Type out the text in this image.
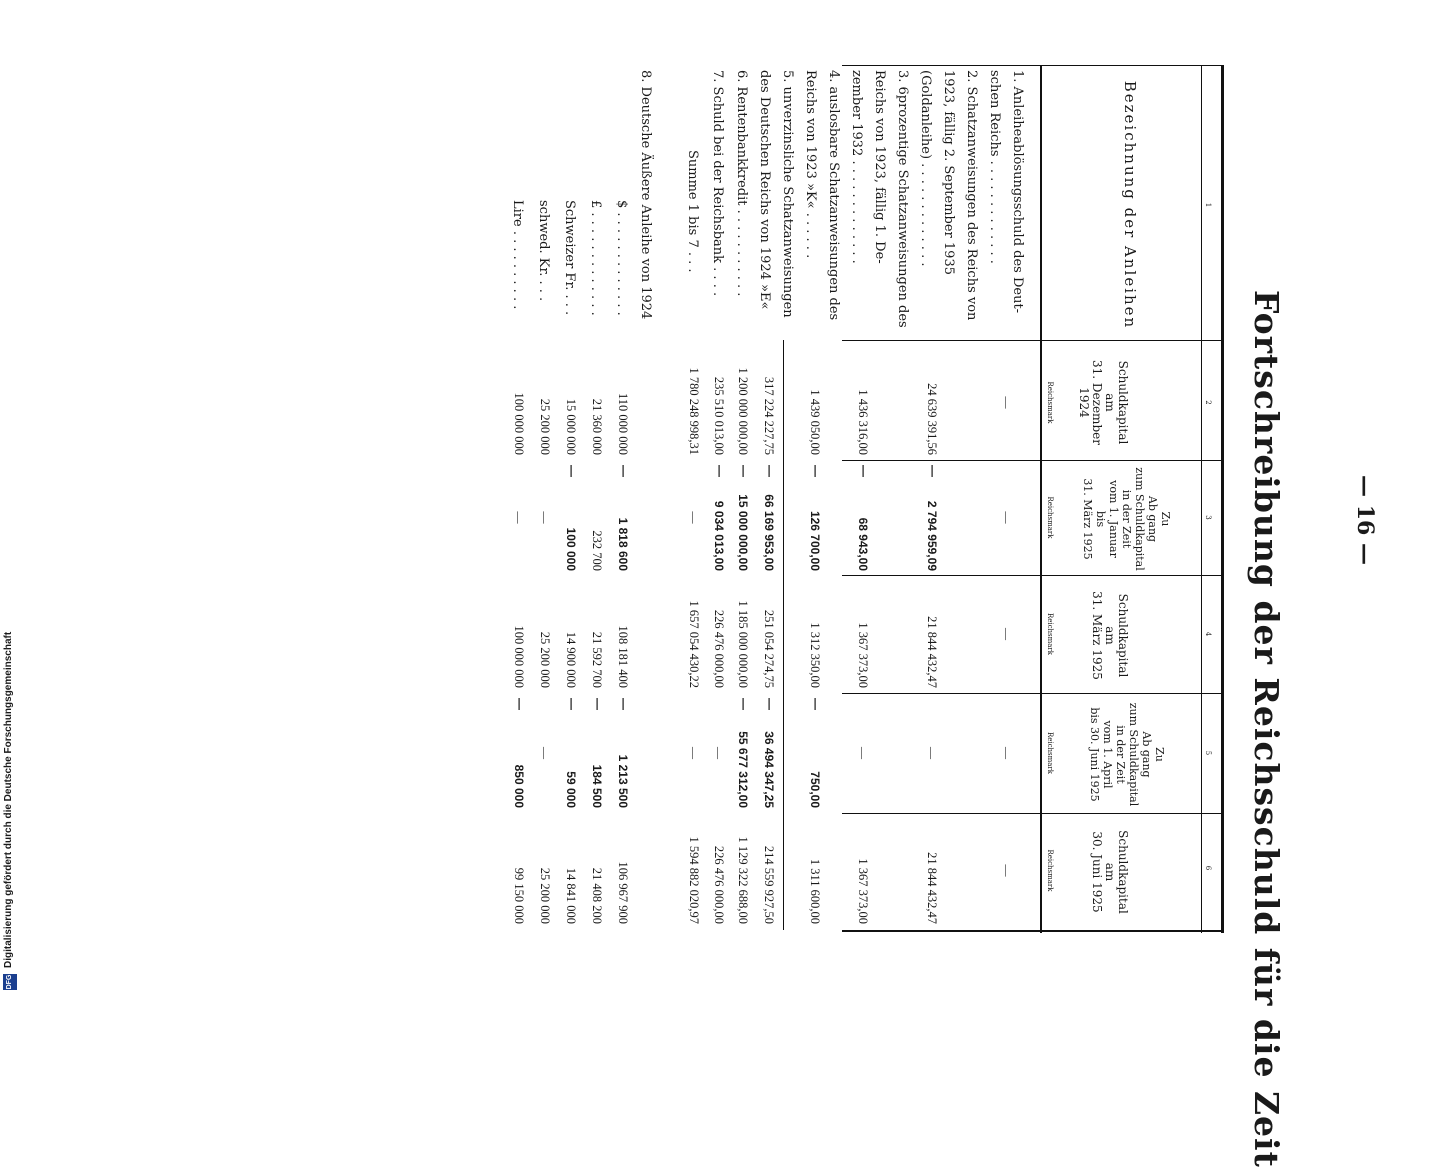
— 16 —
Fortschreibung der Reichsschuld für die Zeit
1
2
3
4
5
6
Bezeichnung der Anleihen
Schuldkapital
am
31. Dezember 1924
Zu
Ab gang
zum Schuldkapital
in der Zeit
vom 1. Januar
bis
31. März 1925
Schuldkapital
am
31. März 1925
Zu
Ab gang
zum Schuldkapital
in der Zeit
vom 1. April
bis 30. Juni 1925
Schuldkapital
am
30. Juni 1925
Reichsmark
Reichsmark
Reichsmark
Reichsmark
Reichsmark
1. Anleiheablösungsschuld des Deut-
schen Reichs . . . . . . . . . . . . .
—
—
—
—
—
2. Schatzanweisungen des Reichs von
1923, fällig 2. September 1935
(Goldanleihe) . . . . . . . . . . . . .
24 639 391,56
—
2 794 959,09
21 844 432,47
—
21 844 432,47
3. 6prozentige Schatzanweisungen des
Reichs von 1923, fällig 1. De-
zember 1932 . . . . . . . . . . . . .
1 436 316,00
—
68 943,00
1 367 373,00
—
1 367 373,00
4. auslosbare Schatzanweisungen des
Reichs von 1923 »K« . . . . . .
1 439 050,00
—
126 700,00
1 312 350,00
—
750,00
1 311 600,00
5. unverzinsliche Schatzanweisungen
des Deutschen Reichs von 1924 »E«
317 224 227,75
—
66 169 953,00
251 054 274,75
—
36 494 347,25
214 559 927,50
6. Rentenbankkredit . . . . . . . . . . .
1 200 000 000,00
—
15 000 000,00
1 185 000 000,00
—
55 677 312,00
1 129 322 688,00
7. Schuld bei der Reichsbank . . . .
235 510 013,00
—
9 034 013,00
226 476 000,00
—
226 476 000,00
Summe 1 bis 7 . . .
1 780 248 998,31
—
1 657 054 430,22
—
1 594 882 020,97
8. Deutsche Äußere Anleihe von 1924
$ . . . . . . . . . . . . .
110 000 000
—
1 818 600
108 181 400
—
1 213 500
106 967 900
£ . . . . . . . . . . . . .
21 360 000
232 700
21 592 700
—
184 500
21 408 200
Schweizer Fr. . . .
15 000 000
—
100 000
14 900 000
—
59 000
14 841 000
schwed. Kr. . . .
25 200 000
—
25 200 000
—
25 200 000
Lire . . . . . . . . . .
100 000 000
—
100 000 000
—
850 000
99 150 000
DFG
Digitalisierung gefördert durch die Deutsche Forschungsgemeinschaft
